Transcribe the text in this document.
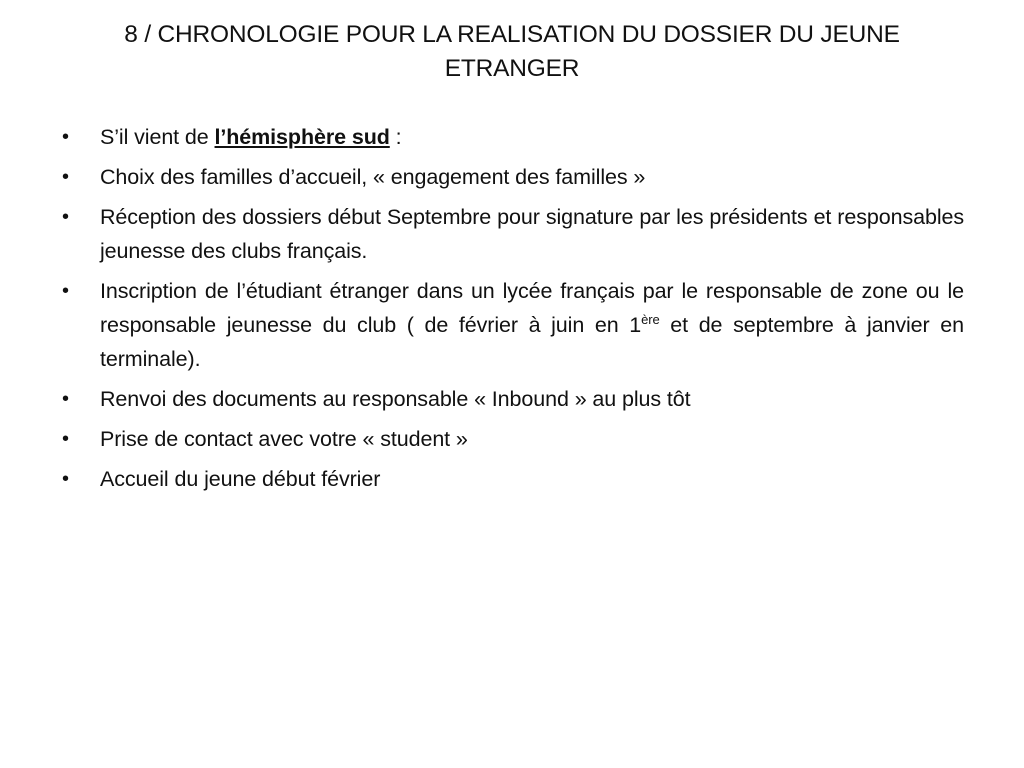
8 / CHRONOLOGIE POUR LA REALISATION DU DOSSIER DU JEUNE ETRANGER
•	S’il vient de l’hémisphère sud :
•	Choix des familles d’accueil, « engagement des familles »
•	Réception des dossiers début Septembre pour signature par les présidents et responsables jeunesse des clubs français.
•	Inscription de l’étudiant étranger dans un lycée français par le responsable de zone ou le responsable jeunesse du club ( de février à juin en 1ère et de septembre à janvier en terminale).
•	Renvoi des documents au responsable « Inbound » au plus tôt
•	Prise de contact avec votre « student »
•	Accueil du jeune début février
